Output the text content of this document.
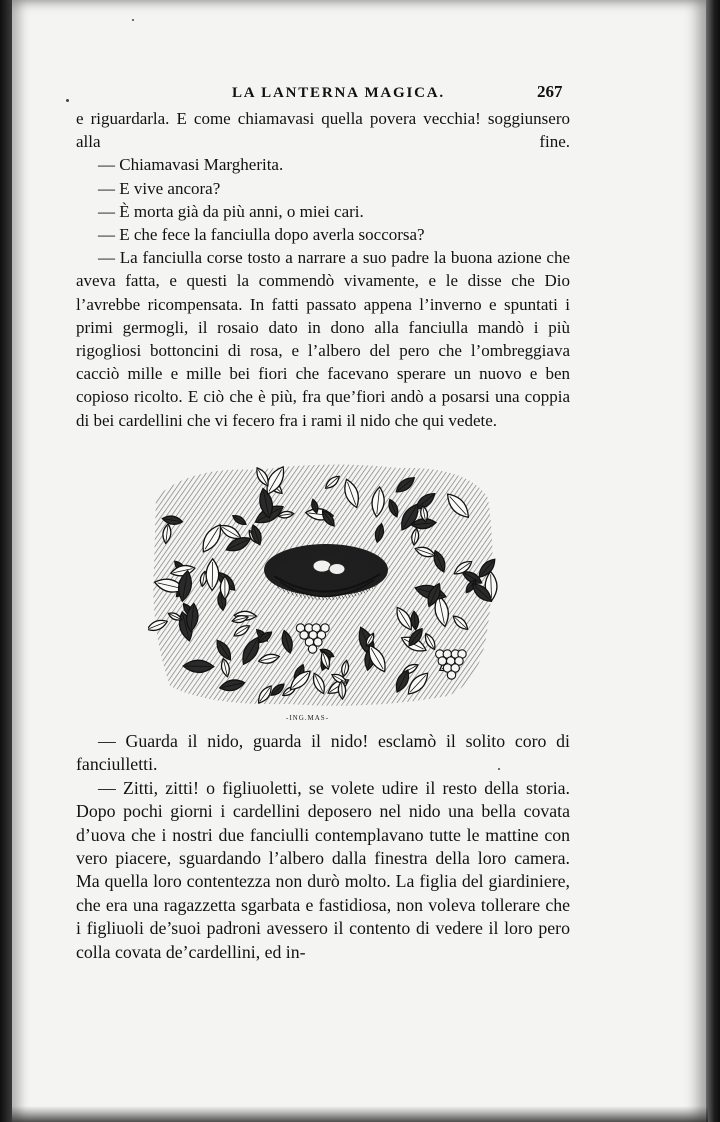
LA LANTERNA MAGICA.	267

e riguardarla. E come chiamavasi quella povera vecchia! soggiunsero alla fine.

— Chiamavasi Margherita.

— E vive ancora?

— È morta già da più anni, o miei cari.

— E che fece la fanciulla dopo averla soccorsa?

— La fanciulla corse tosto a narrare a suo padre la buona azione che aveva fatta, e questi la commendò vivamente, e le disse che Dio l’avrebbe ricompensata. In fatti passato appena l’inverno e spuntati i primi germogli, il rosaio dato in dono alla fanciulla mandò i più rigogliosi bottoncini di rosa, e l’albero del pero che l’ombreggiava cacciò mille e mille bei fiori che facevano sperare un nuovo e ben copioso ricolto. E ciò che è più, fra que’fiori andò a posarsi una coppia di bei cardellini che vi fecero fra i rami il nido che qui vedete.

-ING.MAS-

— Guarda il nido, guarda il nido! esclamò il solito coro di fanciulletti.

— Zitti, zitti! o figliuoletti, se volete udire il resto della storia. Dopo pochi giorni i cardellini deposero nel nido una bella covata d’uova che i nostri due fanciulli contemplavano tutte le mattine con vero piacere, sguardando l’albero dalla finestra della loro camera. Ma quella loro contentezza non durò molto. La figlia del giardiniere, che era una ragazzetta sgarbata e fastidiosa, non voleva tollerare che i figliuoli de’suoi padroni avessero il contento di vedere il loro pero colla covata de’cardellini, ed in-
